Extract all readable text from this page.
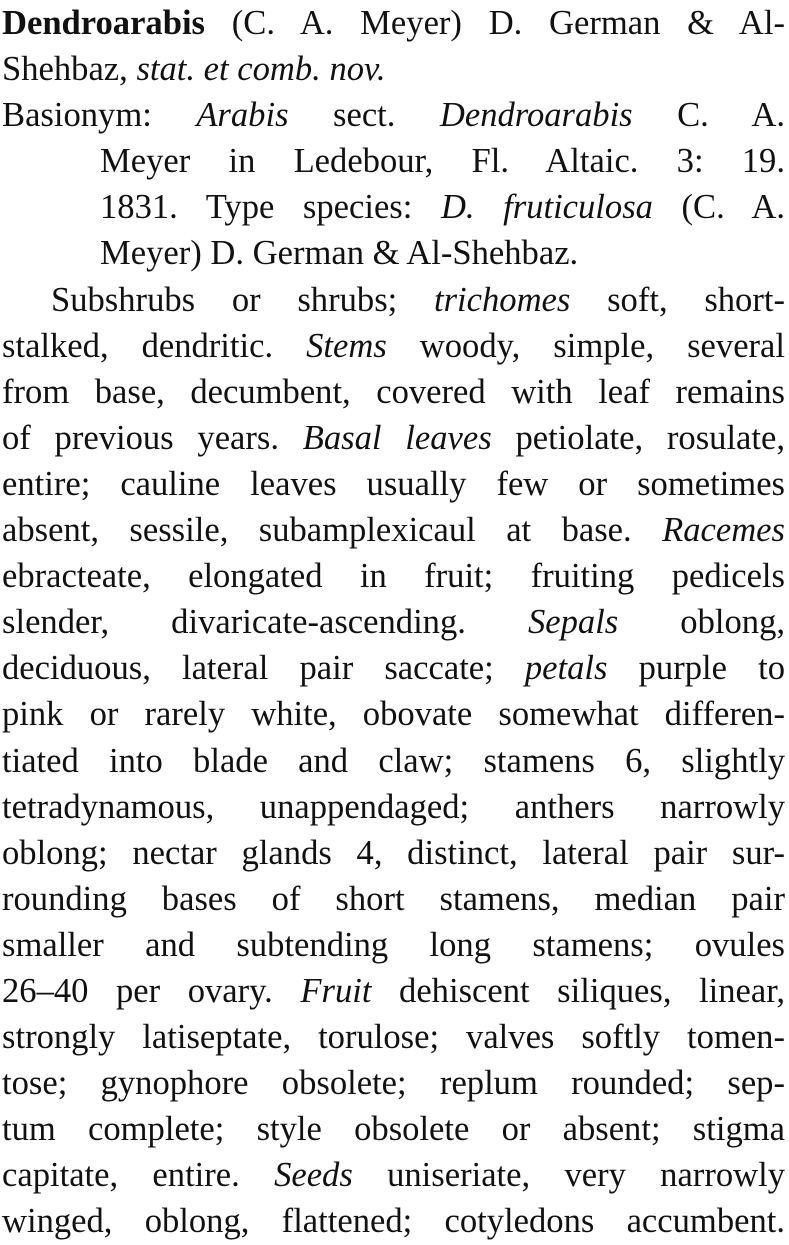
Dendroarabis (C. A. Meyer) D. German & Al-
Shehbaz, stat. et comb. nov.
Basionym: Arabis sect. Dendroarabis C. A.
Meyer in Ledebour, Fl. Altaic. 3: 19.
1831. Type species: D. fruticulosa (C. A.
Meyer) D. German & Al-Shehbaz.
Subshrubs or shrubs; trichomes soft, short-
stalked, dendritic. Stems woody, simple, several
from base, decumbent, covered with leaf remains
of previous years. Basal leaves petiolate, rosulate,
entire; cauline leaves usually few or sometimes
absent, sessile, subamplexicaul at base. Racemes
ebracteate, elongated in fruit; fruiting pedicels
slender, divaricate-ascending. Sepals oblong,
deciduous, lateral pair saccate; petals purple to
pink or rarely white, obovate somewhat differen-
tiated into blade and claw; stamens 6, slightly
tetradynamous, unappendaged; anthers narrowly
oblong; nectar glands 4, distinct, lateral pair sur-
rounding bases of short stamens, median pair
smaller and subtending long stamens; ovules
26–40 per ovary. Fruit dehiscent siliques, linear,
strongly latiseptate, torulose; valves softly tomen-
tose; gynophore obsolete; replum rounded; sep-
tum complete; style obsolete or absent; stigma
capitate, entire. Seeds uniseriate, very narrowly
winged, oblong, flattened; cotyledons accumbent.
